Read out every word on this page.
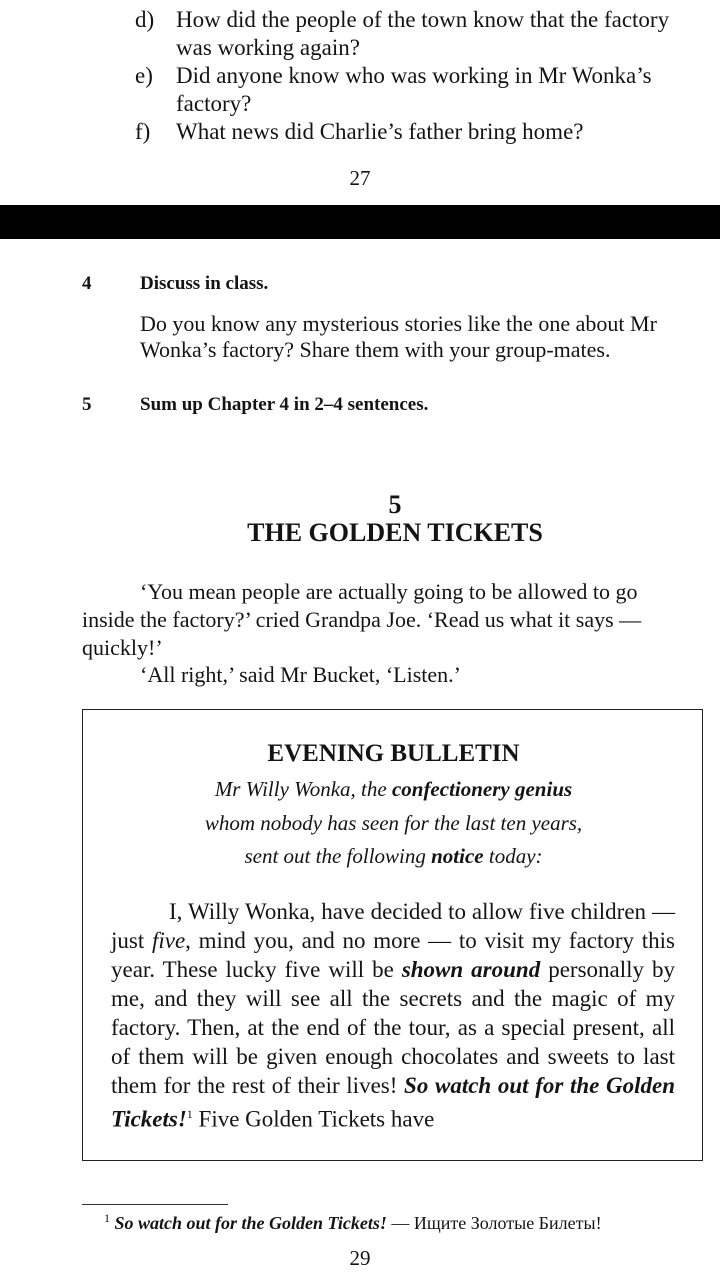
d) How did the people of the town know that the factory
was working again?
e) Did anyone know who was working in Mr Wonka’s
factory?
f) What news did Charlie’s father bring home?
27
4	Discuss in class.
Do you know any mysterious stories like the one about Mr
Wonka’s factory? Share them with your group-mates.
5	Sum up Chapter 4 in 2–4 sentences.
5
THE GOLDEN TICKETS
‘You mean people are actually going to be allowed to go
inside the factory?’ cried Grandpa Joe. ‘Read us what it says —
quickly!’
‘All right,’ said Mr Bucket, ‘Listen.’
EVENING BULLETIN
Mr Willy Wonka, the confectionery genius
whom nobody has seen for the last ten years,
sent out the following notice today:
I, Willy Wonka, have decided to allow five children — just five, mind you, and no more — to visit my factory this year. These lucky five will be shown around personally by me, and they will see all the secrets and the magic of my factory. Then, at the end of the tour, as a special present, all of them will be given enough chocolates and sweets to last them for the rest of their lives! So watch out for the Golden Tickets!$^1$ Five Golden Tickets have
$^1$ So watch out for the Golden Tickets! — Ищите Золотые Билеты!
29
